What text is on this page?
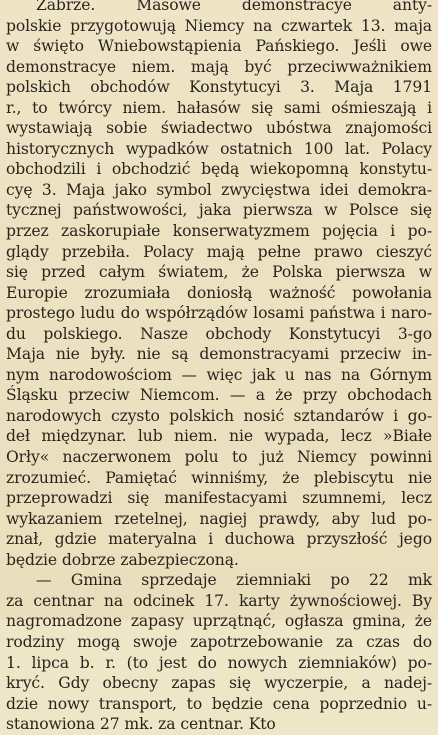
Zabrze. Masowe demonstracye anty-
polskie przygotowują Niemcy na czwartek 13. maja
w święto Wniebowstąpienia Pańskiego. Jeśli owe
demonstracye niem. mają być przeciwważnikiem
polskich obchodów Konstytucyi 3. Maja 1791
r., to twórcy niem. hałasów się sami ośmieszają i
wystawiają sobie świadectwo ubóstwa znajomości
historycznych wypadków ostatnich 100 lat. Polacy
obchodzili i obchodzić będą wiekopomną konstytu-
cyę 3. Maja jako symbol zwycięstwa idei demokra-
tycznej państwowości, jaka pierwsza w Polsce się
przez zaskorupiałe konserwatyzmem pojęcia i po-
glądy przebiła. Polacy mają pełne prawo cieszyć
się przed całym światem, że Polska pierwsza w
Europie zrozumiała doniosłą ważność powołania
prostego ludu do współrządów losami państwa i naro-
du polskiego. Nasze obchody Konstytucyi 3-go
Maja nie były. nie są demonstracyami przeciw in-
nym narodowościom — więc jak u nas na Górnym
Śląsku przeciw Niemcom. — a że przy obchodach
narodowych czysto polskich nosić sztandarów i go-
deł międzynar. lub niem. nie wypada, lecz »Białe
Orły« naczerwonem polu to już Niemcy powinni
zrozumieć. Pamiętać winniśmy, że plebiscytu nie
przeprowadzi się manifestacyami szumnemi, lecz
wykazaniem rzetelnej, nagiej prawdy, aby lud po-
znał, gdzie materyalna i duchowa przyszłość jego
będzie dobrze zabezpieczoną.
— Gmina sprzedaje ziemniaki po 22 mk
za centnar na odcinek 17. karty żywnościowej. By
nagromadzone zapasy uprzątnąć, ogłasza gmina, że
rodziny mogą swoje zapotrzebowanie za czas do
1. lipca b. r. (to jest do nowych ziemniaków) po-
kryć. Gdy obecny zapas się wyczerpie, a nadej-
dzie nowy transport, to będzie cena poprzednio u-
stanowiona 27 mk. za centnar. Kto
